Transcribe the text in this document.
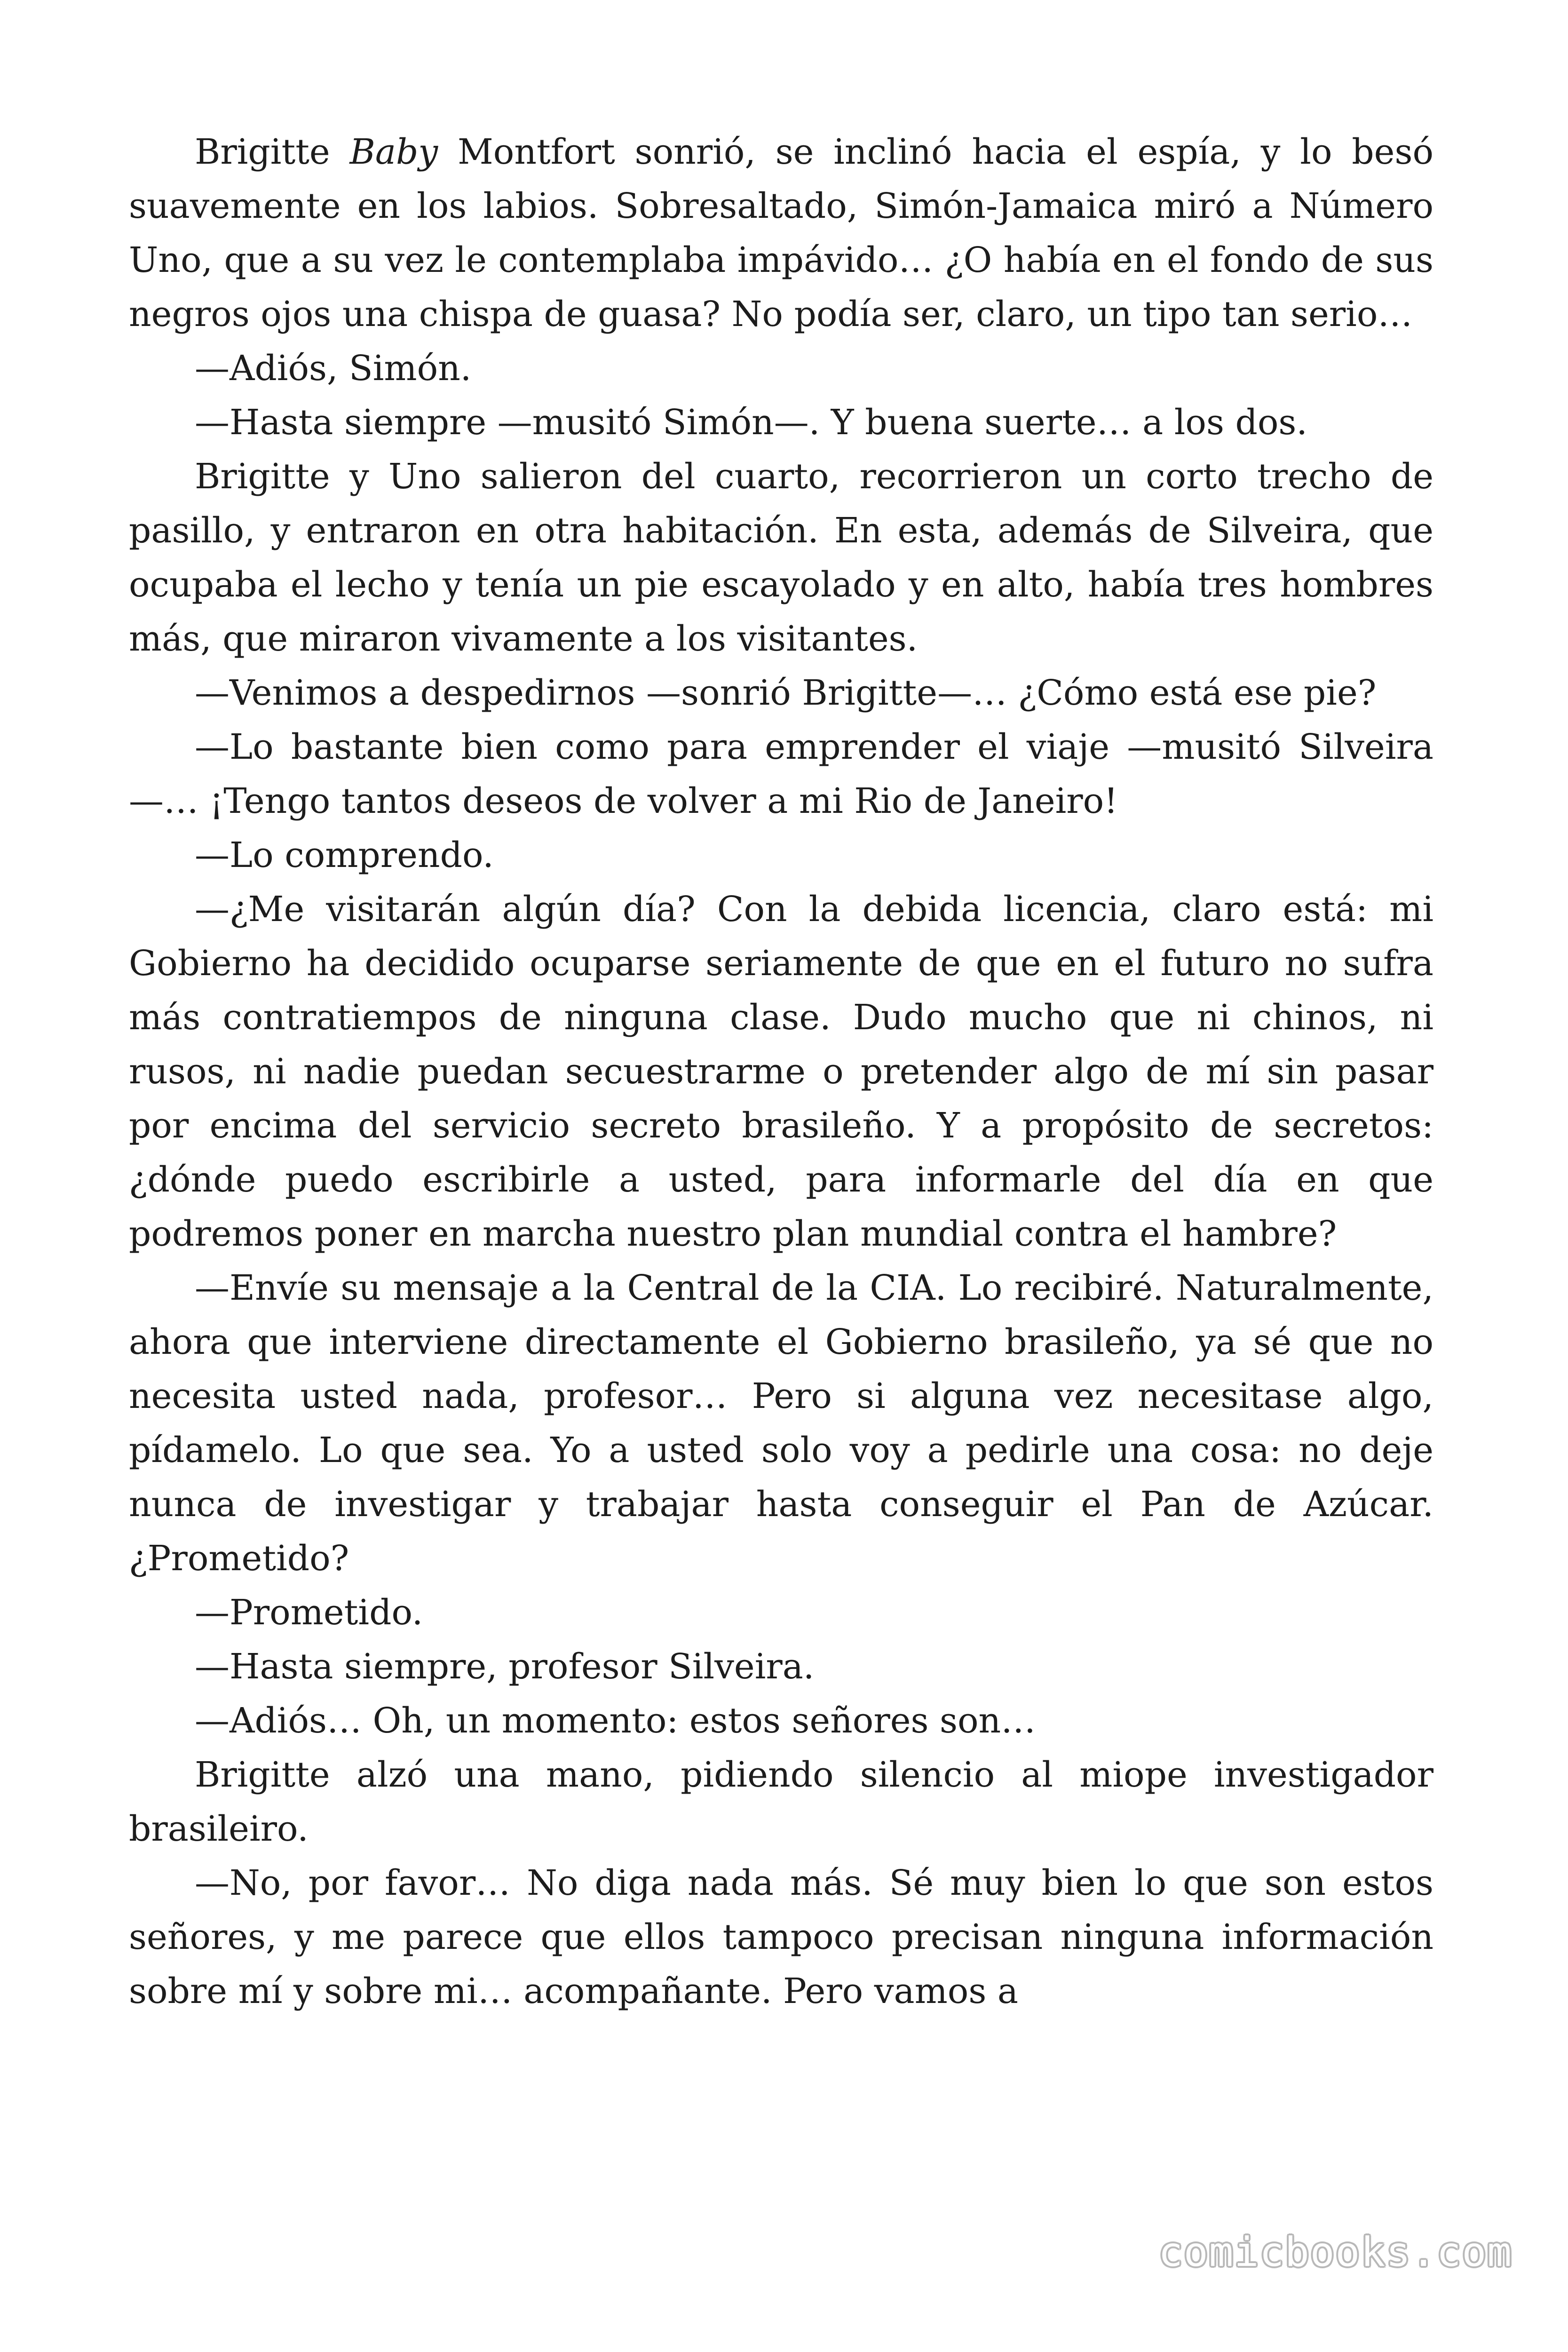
Brigitte Baby Montfort sonrió, se inclinó hacia el espía, y lo besó suavemente en los labios. Sobresaltado, Simón-Jamaica miró a Número Uno, que a su vez le contemplaba impávido… ¿O había en el fondo de sus negros ojos una chispa de guasa? No podía ser, claro, un tipo tan serio…

—Adiós, Simón.

—Hasta siempre —musitó Simón—. Y buena suerte… a los dos.

Brigitte y Uno salieron del cuarto, recorrieron un corto trecho de pasillo, y entraron en otra habitación. En esta, además de Silveira, que ocupaba el lecho y tenía un pie escayolado y en alto, había tres hombres más, que miraron vivamente a los visitantes.

—Venimos a despedirnos —sonrió Brigitte—… ¿Cómo está ese pie?

—Lo bastante bien como para emprender el viaje —musitó Silveira—… ¡Tengo tantos deseos de volver a mi Rio de Janeiro!

—Lo comprendo.

—¿Me visitarán algún día? Con la debida licencia, claro está: mi Gobierno ha decidido ocuparse seriamente de que en el futuro no sufra más contratiempos de ninguna clase. Dudo mucho que ni chinos, ni rusos, ni nadie puedan secuestrarme o pretender algo de mí sin pasar por encima del servicio secreto brasileño. Y a propósito de secretos: ¿dónde puedo escribirle a usted, para informarle del día en que podremos poner en marcha nuestro plan mundial contra el hambre?

—Envíe su mensaje a la Central de la CIA. Lo recibiré. Naturalmente, ahora que interviene directamente el Gobierno brasileño, ya sé que no necesita usted nada, profesor… Pero si alguna vez necesitase algo, pídamelo. Lo que sea. Yo a usted solo voy a pedirle una cosa: no deje nunca de investigar y trabajar hasta conseguir el Pan de Azúcar. ¿Prometido?

—Prometido.

—Hasta siempre, profesor Silveira.

—Adiós… Oh, un momento: estos señores son…

Brigitte alzó una mano, pidiendo silencio al miope investigador brasileiro.

—No, por favor… No diga nada más. Sé muy bien lo que son estos señores, y me parece que ellos tampoco precisan ninguna información sobre mí y sobre mi… acompañante. Pero vamos a

comicbooks.com
